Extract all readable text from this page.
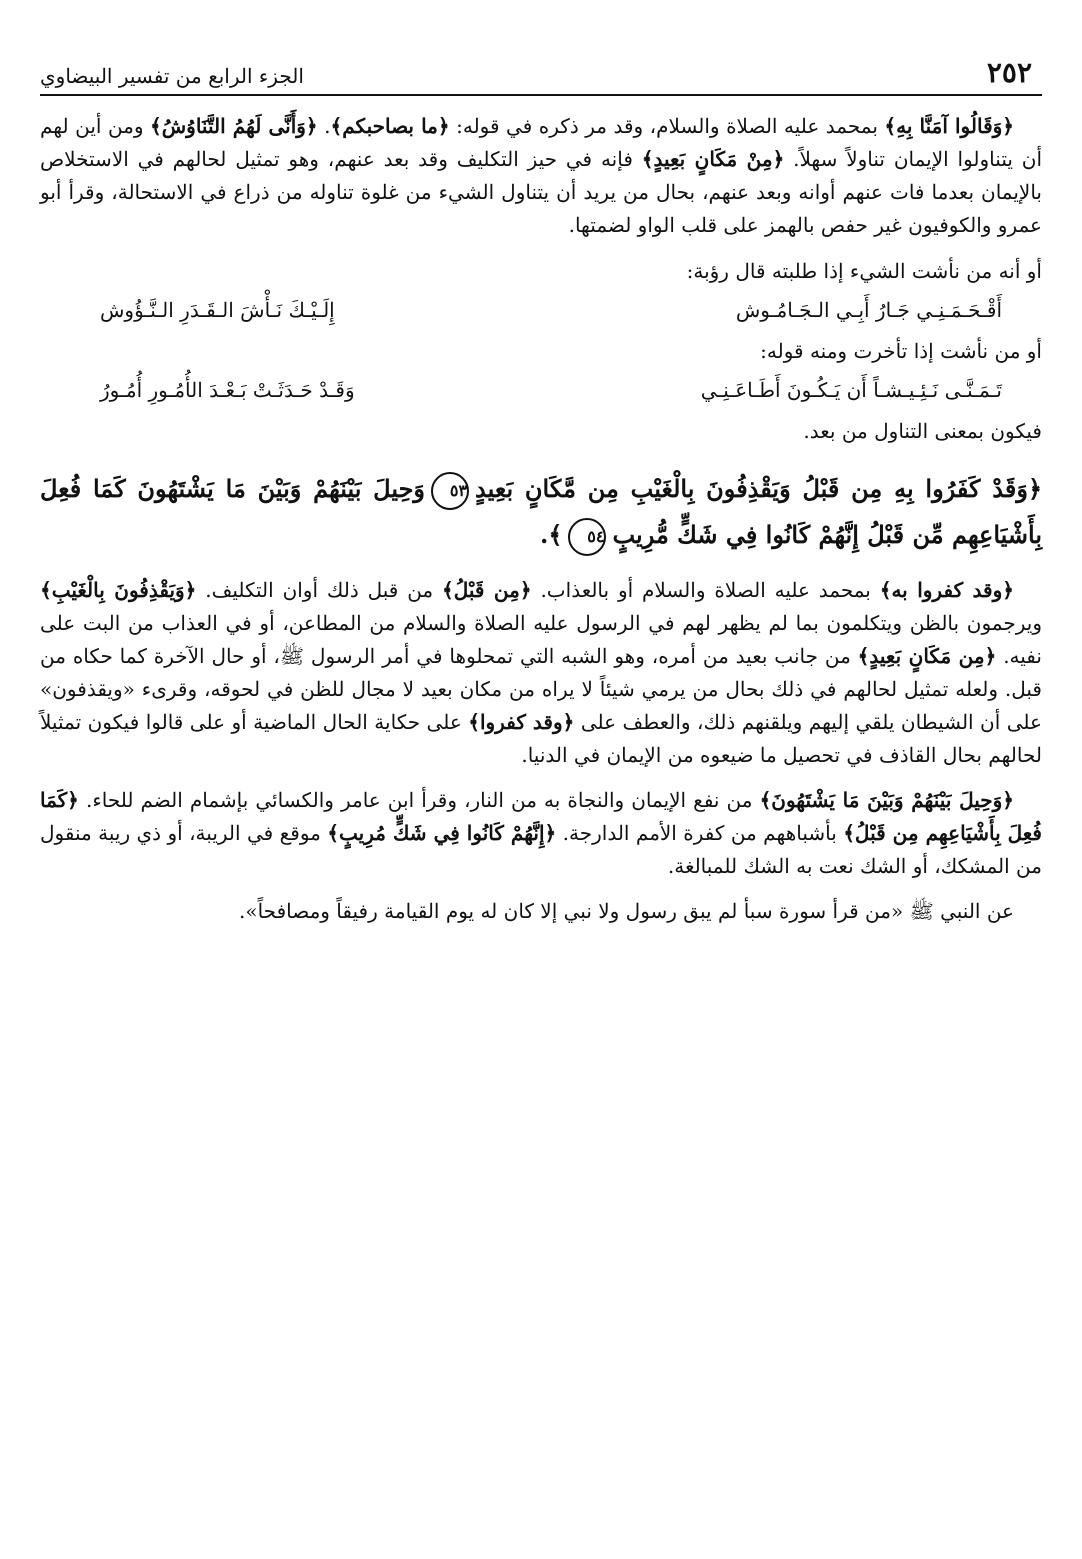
٢٥٢
الجزء الرابع من تفسير البيضاوي

﴿وَقَالُوا آمَنَّا بِهِ﴾ بمحمد عليه الصلاة والسلام، وقد مر ذكره في قوله: ﴿ما بصاحبكم﴾. ﴿وَأَنَّى لَهُمُ التَّنَاوُشُ﴾ ومن أين لهم أن يتناولوا الإيمان تناولاً سهلاً. ﴿مِنْ مَكَانٍ بَعِيدٍ﴾ فإنه في حيز التكليف وقد بعد عنهم، وهو تمثيل لحالهم في الاستخلاص بالإيمان بعدما فات عنهم أوانه وبعد عنهم، بحال من يريد أن يتناول الشيء من غلوة تناوله من ذراع في الاستحالة، وقرأ أبو عمرو والكوفيون غير حفص بالهمز على قلب الواو لضمتها.

أو أنه من نأشت الشيء إذا طلبته قال رؤبة:
أَقْـحَـمَـنِـي جَـارُ أَبِـي الـجَـامُـوش
إِلَـيْـكَ نَـأْشَ الـقَـدَرِ الـنَّـؤُوش
أو من نأشت إذا تأخرت ومنه قوله:
تَـمَـنَّـى نَـئِـيـشـاً أَن يَـكُـونَ أَطَـاعَـنِـي
وَقَـدْ حَـدَثَـتْ بَـعْـدَ الأُمُـورِ أُمُـورُ
فيكون بمعنى التناول من بعد.
﴿وَقَدْ كَفَرُوا بِهِ مِن قَبْلُ وَيَقْذِفُونَ بِالْغَيْبِ مِن مَّكَانٍ بَعِيدٍ٥٣وَحِيلَ بَيْنَهُمْ وَبَيْنَ مَا يَشْتَهُونَ كَمَا فُعِلَ بِأَشْيَاعِهِم مِّن قَبْلُ إِنَّهُمْ كَانُوا فِي شَكٍّ مُّرِيبٍ٥٤﴾.

﴿وقد كفروا به﴾ بمحمد عليه الصلاة والسلام أو بالعذاب. ﴿مِن قَبْلُ﴾ من قبل ذلك أوان التكليف. ﴿وَيَقْذِفُونَ بِالْغَيْبِ﴾ ويرجمون بالظن ويتكلمون بما لم يظهر لهم في الرسول عليه الصلاة والسلام من المطاعن، أو في العذاب من البت على نفيه. ﴿مِن مَكَانٍ بَعِيدٍ﴾ من جانب بعيد من أمره، وهو الشبه التي تمحلوها في أمر الرسول ﷺ، أو حال الآخرة كما حكاه من قبل. ولعله تمثيل لحالهم في ذلك بحال من يرمي شيئاً لا يراه من مكان بعيد لا مجال للظن في لحوقه، وقرىء «ويقذفون» على أن الشيطان يلقي إليهم ويلقنهم ذلك، والعطف على ﴿وقد كفروا﴾ على حكاية الحال الماضية أو على قالوا فيكون تمثيلاً لحالهم بحال القاذف في تحصيل ما ضيعوه من الإيمان في الدنيا.

﴿وَحِيلَ بَيْنَهُمْ وَبَيْنَ مَا يَشْتَهُونَ﴾ من نفع الإيمان والنجاة به من النار، وقرأ ابن عامر والكسائي بإشمام الضم للحاء. ﴿كَمَا فُعِلَ بِأَشْيَاعِهِم مِن قَبْلُ﴾ بأشباههم من كفرة الأمم الدارجة. ﴿إِنَّهُمْ كَانُوا فِي شَكٍّ مُرِيبٍ﴾ موقع في الريبة، أو ذي ريبة منقول من المشكك، أو الشك نعت به الشك للمبالغة.

عن النبي ﷺ «من قرأ سورة سبأ لم يبق رسول ولا نبي إلا كان له يوم القيامة رفيقاً ومصافحاً».
